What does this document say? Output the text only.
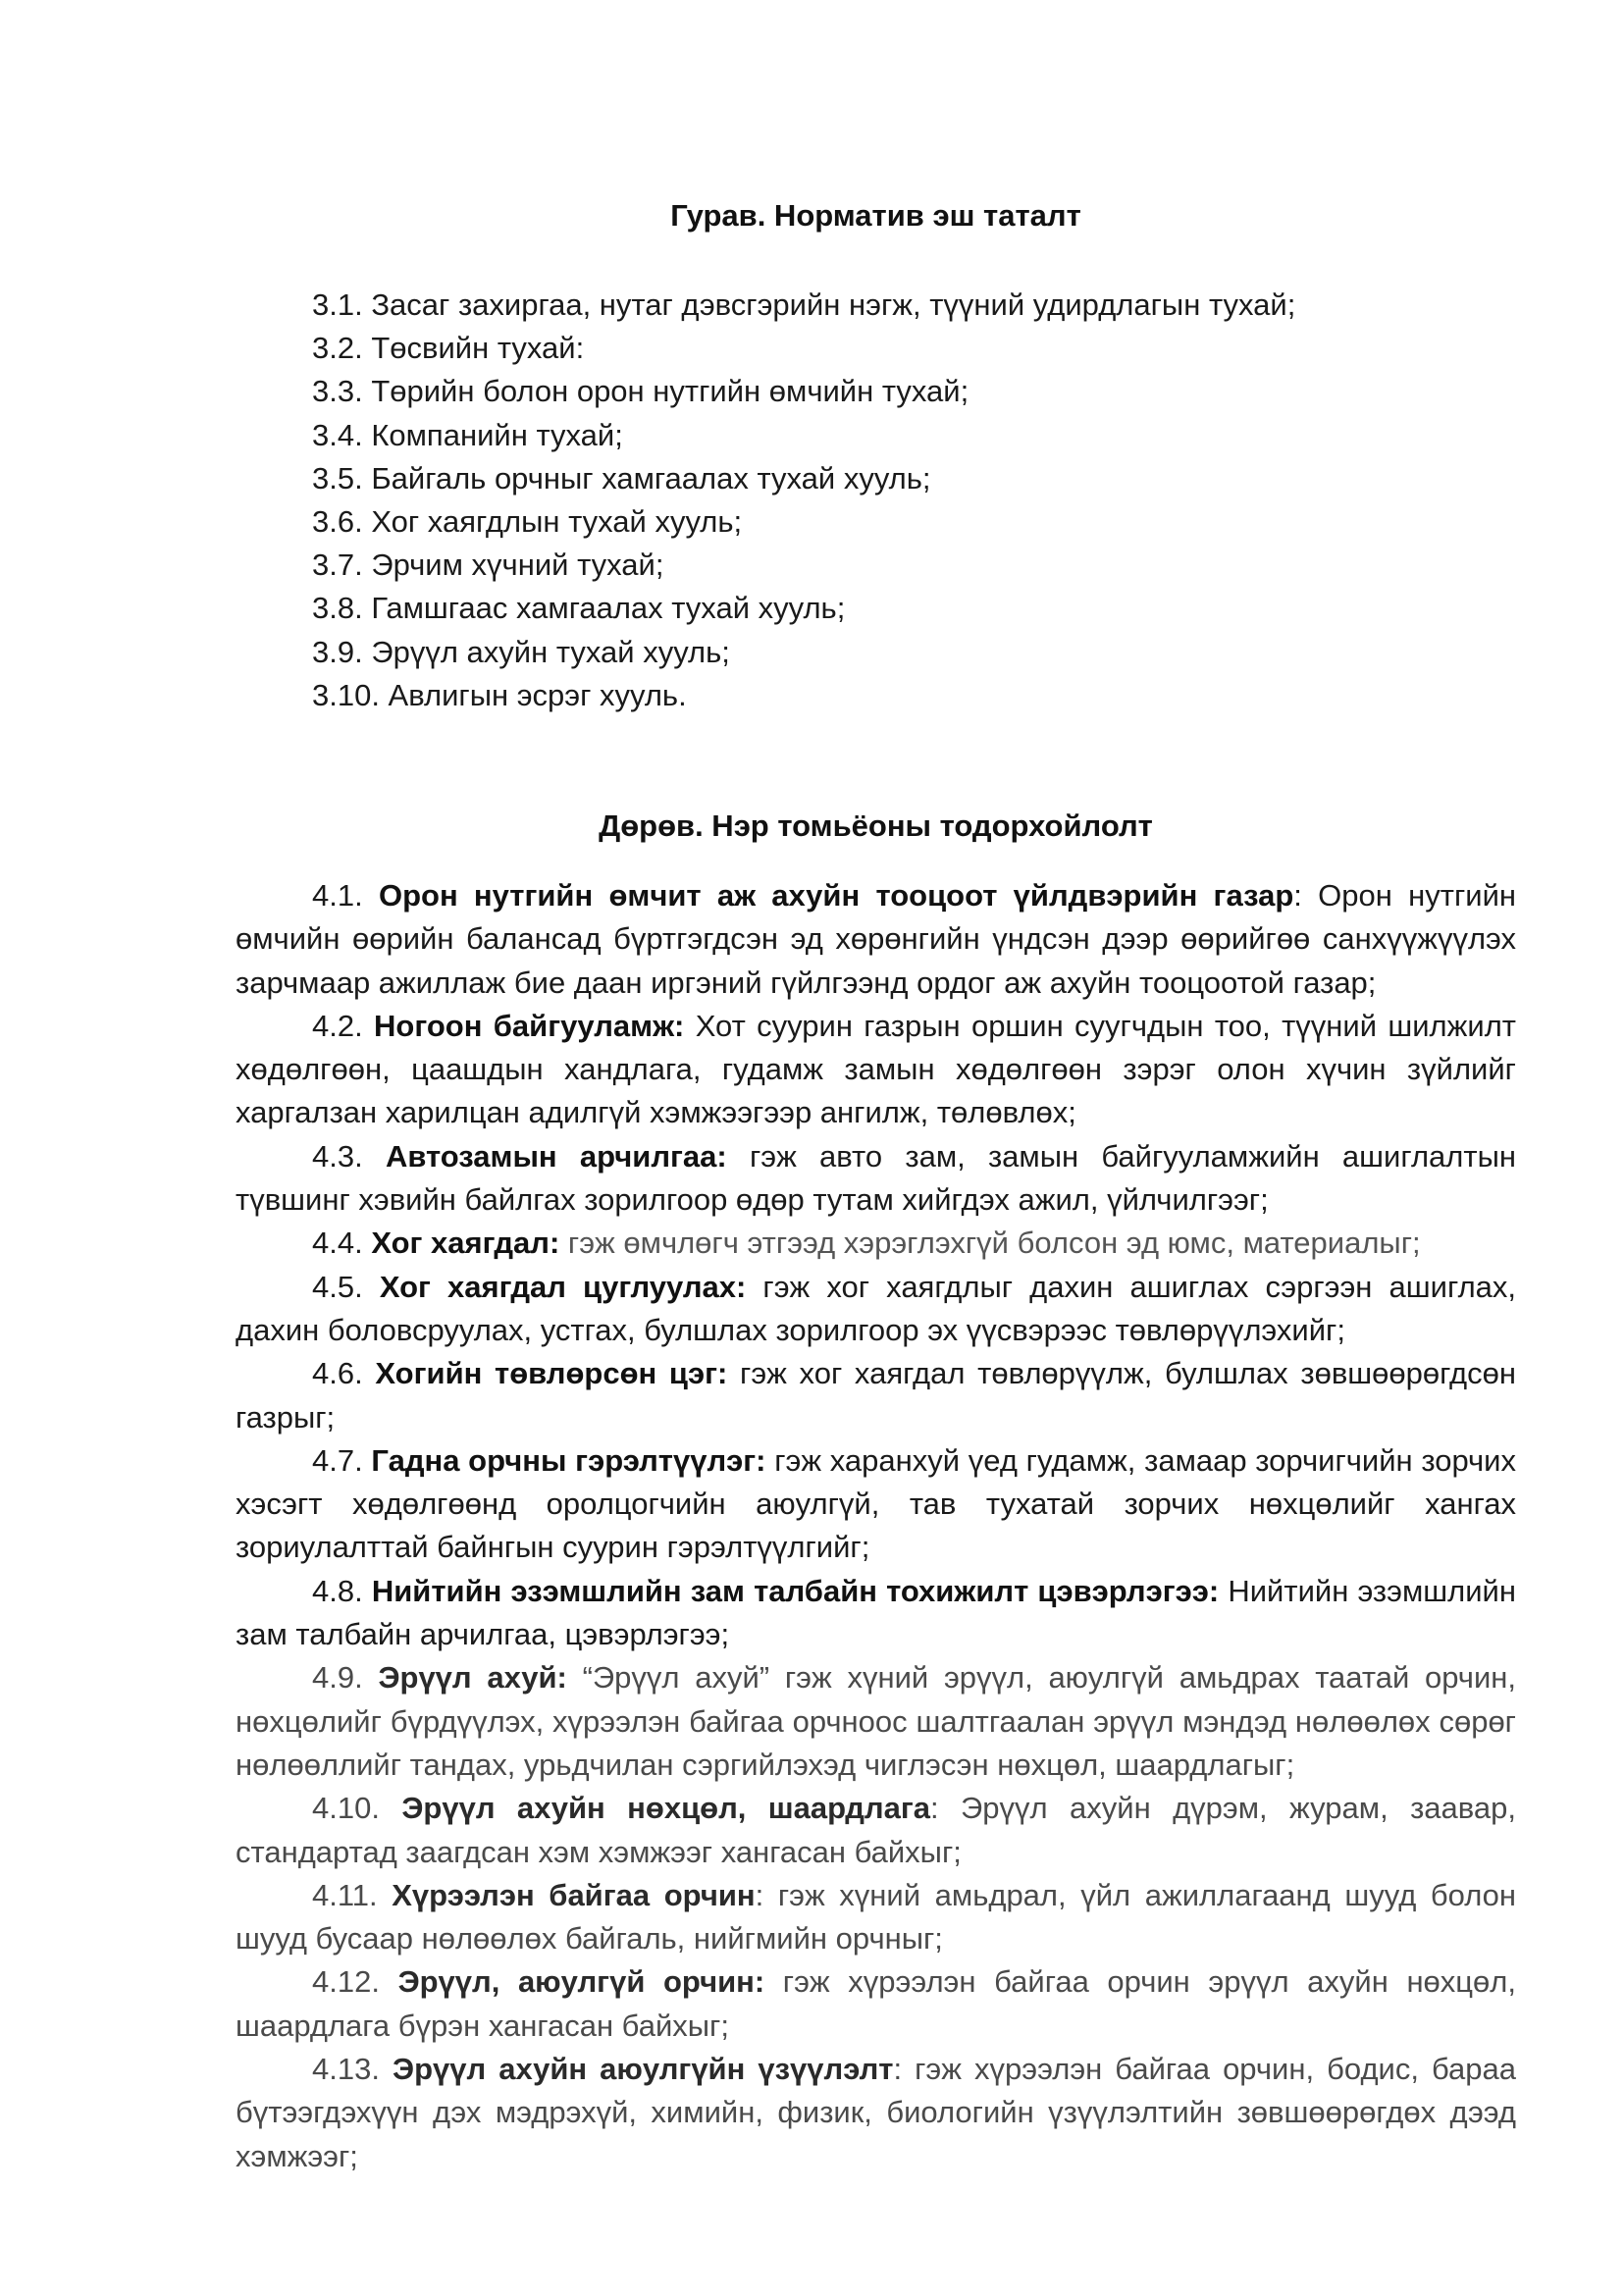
Гурав. Норматив эш таталт
3.1. Засаг захиргаа, нутаг дэвсгэрийн нэгж, түүний удирдлагын тухай;
3.2. Төсвийн тухай:
3.3. Төрийн болон орон нутгийн өмчийн тухай;
3.4. Компанийн тухай;
3.5. Байгаль орчныг хамгаалах тухай хууль;
3.6. Хог хаягдлын тухай хууль;
3.7. Эрчим хүчний тухай;
3.8. Гамшгаас хамгаалах тухай хууль;
3.9. Эрүүл ахуйн тухай хууль;
3.10. Авлигын эсрэг хууль.
Дөрөв. Нэр томьёоны тодорхойлолт
4.1. Орон нутгийн өмчит аж ахуйн тооцоот үйлдвэрийн газар: Орон нутгийн өмчийн өөрийн балансад бүртгэгдсэн эд хөрөнгийн үндсэн дээр өөрийгөө санхүүжүүлэх зарчмаар ажиллаж бие даан иргэний гүйлгээнд ордог аж ахуйн тооцоотой газар;
4.2. Ногоон байгууламж: Хот суурин газрын оршин суугчдын тоо, түүний шилжилт хөдөлгөөн, цаашдын хандлага, гудамж замын хөдөлгөөн зэрэг олон хүчин зүйлийг харгалзан харилцан адилгүй хэмжээгээр ангилж, төлөвлөх;
4.3. Автозамын арчилгаа: гэж авто зам, замын байгууламжийн ашиглалтын түвшинг хэвийн байлгах зорилгоор өдөр тутам хийгдэх ажил, үйлчилгээг;
4.4. Хог хаягдал: гэж өмчлөгч этгээд хэрэглэхгүй болсон эд юмс, материалыг;
4.5. Хог хаягдал цуглуулах: гэж хог хаягдлыг дахин ашиглах сэргээн ашиглах, дахин боловсруулах, устгах, булшлах зорилгоор эх үүсвэрээс төвлөрүүлэхийг;
4.6. Хогийн төвлөрсөн цэг: гэж хог хаягдал төвлөрүүлж, булшлах зөвшөөрөгдсөн газрыг;
4.7. Гадна орчны гэрэлтүүлэг: гэж харанхуй үед гудамж, замаар зорчигчийн зорчих хэсэгт хөдөлгөөнд оролцогчийн аюулгүй, тав тухатай зорчих нөхцөлийг хангах зориулалттай байнгын суурин гэрэлтүүлгийг;
4.8. Нийтийн эзэмшлийн зам талбайн тохижилт цэвэрлэгээ: Нийтийн эзэмшлийн зам талбайн арчилгаа, цэвэрлэгээ;
4.9. Эрүүл ахуй: “Эрүүл ахуй” гэж хүний эрүүл, аюулгүй амьдрах таатай орчин, нөхцөлийг бүрдүүлэх, хүрээлэн байгаа орчноос шалтгаалан эрүүл мэндэд нөлөөлөх сөрөг нөлөөллийг тандах, урьдчилан сэргийлэхэд чиглэсэн нөхцөл, шаардлагыг;
4.10. Эрүүл ахуйн нөхцөл, шаардлага: Эрүүл ахуйн дүрэм, журам, заавар, стандартад заагдсан хэм хэмжээг хангасан байхыг;
4.11. Хүрээлэн байгаа орчин: гэж хүний амьдрал, үйл ажиллагаанд шууд болон шууд бусаар нөлөөлөх байгаль, нийгмийн орчныг;
4.12. Эрүүл, аюулгүй орчин: гэж хүрээлэн байгаа орчин эрүүл ахуйн нөхцөл, шаардлага бүрэн хангасан байхыг;
4.13. Эрүүл ахуйн аюулгүйн үзүүлэлт: гэж хүрээлэн байгаа орчин, бодис, бараа бүтээгдэхүүн дэх мэдрэхүй, химийн, физик, биологийн үзүүлэлтийн зөвшөөрөгдөх дээд хэмжээг;
